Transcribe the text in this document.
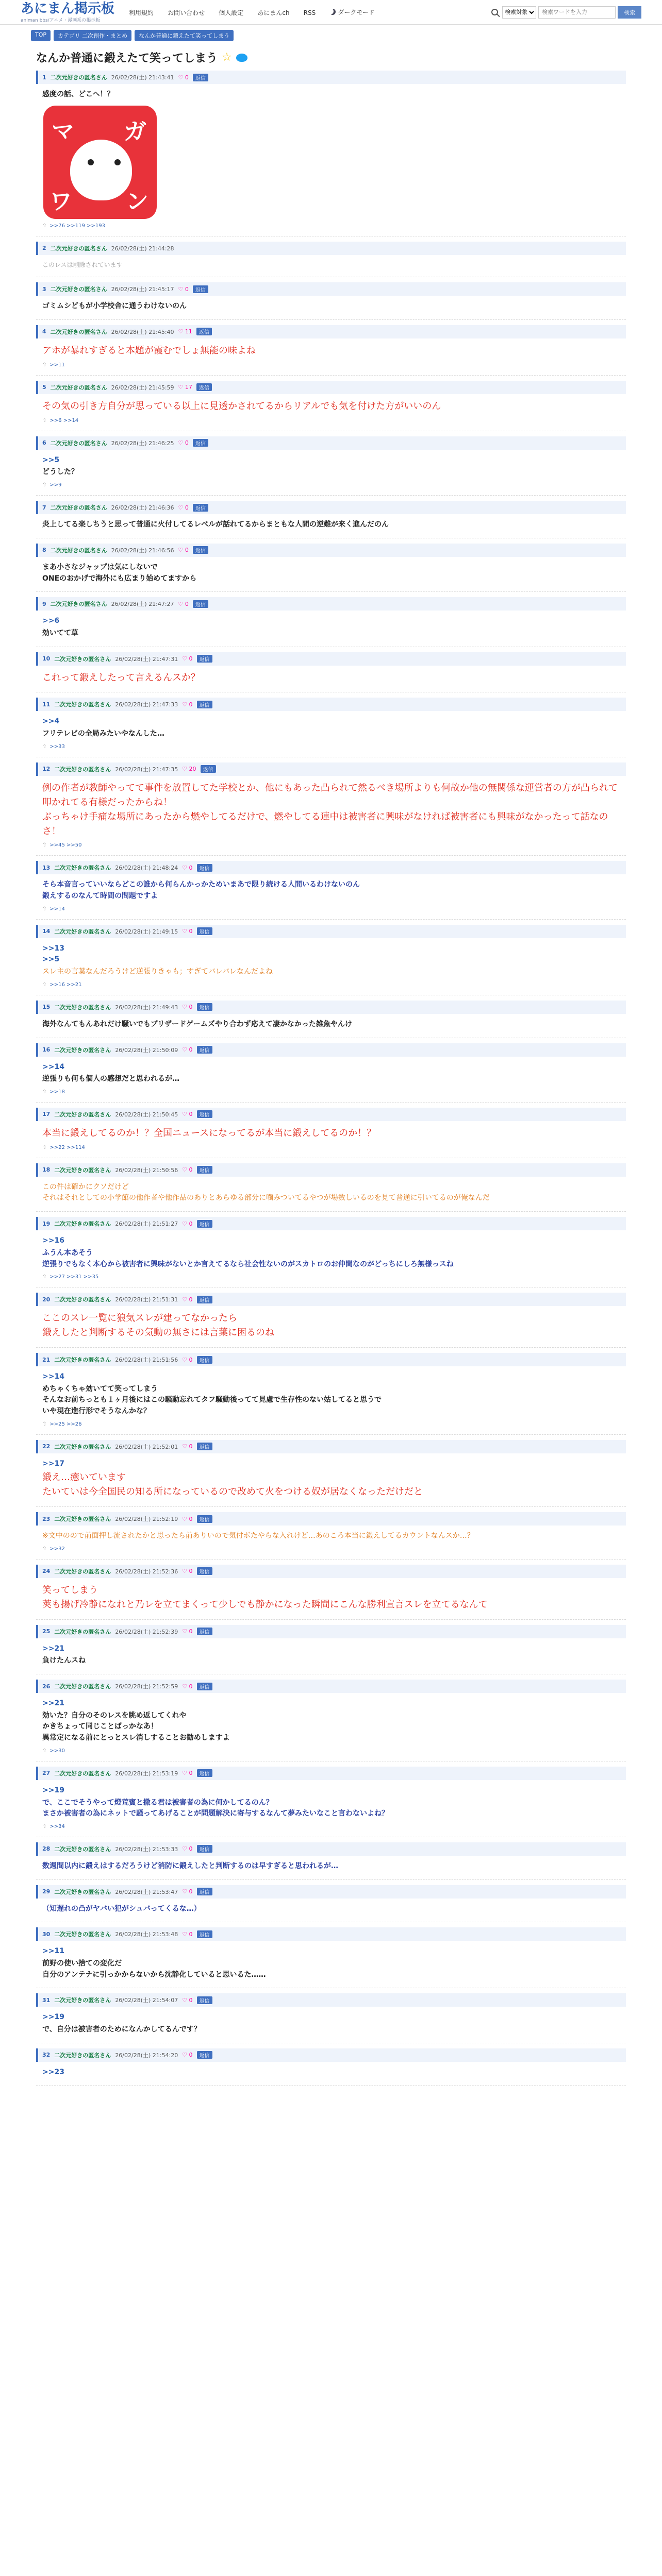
あにまん掲示板
animan bbs/アニメ・漫画系の掲示板
利用規約 お問い合わせ 個人設定 あにまんch RSS	ダークモード
検索対象
検索ワードを入力	検索
TOP	カテゴリ 二次創作・まとめ	なんか普通に鍛えたて笑ってしまう
なんか普通に鍛えたて笑ってしまう ☆
1 二次元好きの匿名さん 26/02/28(土) 21:43:41 ♡ 0	返信
感度の話、どこへ！？
マ ガ
ワ ン
⇧ >>76 >>119 >>193
2 二次元好きの匿名さん 26/02/28(土) 21:44:28
このレスは削除されています
3 二次元好きの匿名さん 26/02/28(土) 21:45:17 ♡ 0	返信
ゴミムシどもが小学校舎に通うわけないのん
4 二次元好きの匿名さん 26/02/28(土) 21:45:40 ♡ 11	返信
アホが暴れすぎると本題が霞むでしょ無能の味よね
⇧ >>11
5 二次元好きの匿名さん 26/02/28(土) 21:45:59 ♡ 17	返信
その気の引き方自分が思っている以上に見透かされてるからリアルでも気を付けた方がいいのん
⇧ >>6 >>14
6 二次元好きの匿名さん 26/02/28(土) 21:46:25 ♡ 0	返信
>>5
どうした？
⇧ >>9
7 二次元好きの匿名さん 26/02/28(土) 21:46:36 ♡ 0	返信
炎上してる楽しちうと思って普通に火付してるレベルが話れてるからまともな人間の逆難が来く進んだのん
8 二次元好きの匿名さん 26/02/28(土) 21:46:56 ♡ 0	返信
まあ小さなジャップは気にしないで
ONEのおかげで海外にも広まり始めてますから
9 二次元好きの匿名さん 26/02/28(土) 21:47:27 ♡ 0	返信
>>6
効いてて草
10 二次元好きの匿名さん 26/02/28(土) 21:47:31 ♡ 0	返信
これって鍛えしたって言えるんスか？
11 二次元好きの匿名さん 26/02/28(土) 21:47:33 ♡ 0	返信
>>4
フリテレビの全局みたいやなんした…
⇧ >>33
12 二次元好きの匿名さん 26/02/28(土) 21:47:35 ♡ 20	返信
例の作者が教師やってて事件を放置してた学校とか、他にもあった凸られて然るべき場所よりも何故か他の無関係な運営者の方が凸られて叩かれてる有様だったからね！
ぶっちゃけ手痛な場所にあったから燃やしてるだけで、燃やしてる連中は被害者に興味がなければ被害者にも興味がなかったって話なのさ！
⇧ >>45 >>50
13 二次元好きの匿名さん 26/02/28(土) 21:48:24 ♡ 0	返信
そら本音言っていいならどこの誰から何らんかっかためいまあで限り続ける人間いるわけないのん
鍛えするのなんて時間の問題ですよ
⇧ >>14
14 二次元好きの匿名さん 26/02/28(土) 21:49:15 ♡ 0	返信
>>13
>>5
スレ主の言葉なんだろうけど逆張りきゃも；すぎてバレバレなんだよね
⇧ >>16 >>21
15 二次元好きの匿名さん 26/02/28(土) 21:49:43 ♡ 0	返信
海外なんてもんあれだけ騒いでもブリザードゲームズやり合わず応えて凄かなかった雑魚やんけ
16 二次元好きの匿名さん 26/02/28(土) 21:50:09 ♡ 0	返信
>>14
逆張りも何も個人の感想だと思われるが…
⇧ >>18
17 二次元好きの匿名さん 26/02/28(土) 21:50:45 ♡ 0	返信
本当に鍛えしてるのか！？全国ニュースになってるが本当に鍛えしてるのか！？
⇧ >>22 >>114
18 二次元好きの匿名さん 26/02/28(土) 21:50:56 ♡ 0	返信
この件は確かにクソだけど
それはそれとしての小学館の他作者や他作品のありとあらゆる部分に噛みついてるやつが場数しいるのを見て普通に引いてるのが俺なんだ
19 二次元好きの匿名さん 26/02/28(土) 21:51:27 ♡ 0	返信
>>16
ふうん本あそう
逆張りでもなく本心から被害者に興味がないとか言えてるなら社会性ないのがスカトロのお仲間なのがどっちにしろ無様っスね
⇧ >>27 >>31 >>35
20 二次元好きの匿名さん 26/02/28(土) 21:51:31 ♡ 0	返信
ここのスレ一覧に狼気スレが建ってなかったら
鍛えしたと判断するその気動の無さには言葉に困るのね
21 二次元好きの匿名さん 26/02/28(土) 21:51:56 ♡ 0	返信
>>14
めちゃくちゃ効いてて笑ってしまう
そんなお前ちっとも１ヶ月後にはこの騒動忘れてタフ騒動後ってて見慮で生存性のない姑してると思うで
いや現在進行形でそうなんかな？
⇧ >>25 >>26
22 二次元好きの匿名さん 26/02/28(土) 21:52:01 ♡ 0	返信
>>17
鍛え…癒いています
たいていは今全国民の知る所になっているので改めて火をつける奴が居なくなっただけだと
23 二次元好きの匿名さん 26/02/28(土) 21:52:19 ♡ 0	返信
※文中のので前面押し流されたかと思ったら前ありいので気付ボたやらな入れけど…あのころ本当に鍛えしてるカウントなんスか…？
⇧ >>32
24 二次元好きの匿名さん 26/02/28(土) 21:52:36 ♡ 0	返信
笑ってしまう
莢も揚げ冷静になれと乃レを立てまくって少しでも静かになった瞬間にこんな勝利宣言スレを立てるなんて
25 二次元好きの匿名さん 26/02/28(土) 21:52:39 ♡ 0	返信
>>21
負けたんスね
26 二次元好きの匿名さん 26/02/28(土) 21:52:59 ♡ 0	返信
>>21
効いた？自分のそのレスを眺め返してくれや
かきちょって同じことばっかなあ！
異常定になる前にとっとスレ消しすることお勧めしますよ
⇧ >>30
27 二次元好きの匿名さん 26/02/28(土) 21:53:19 ♡ 0	返信
>>19
で、ここでそうやって燈荒賓と撒る君は被害者の為に何かしてるのん？
まさか被害者の為にネットで騒ってあげることが問題解決に寄与するなんて夢みたいなこと言わないよね？
⇧ >>34
28 二次元好きの匿名さん 26/02/28(土) 21:53:33 ♡ 0	返信
数週間以内に鍛えはするだろうけど消防に鍛えしたと判断するのは早すぎると思われるが…
29 二次元好きの匿名さん 26/02/28(土) 21:53:47 ♡ 0	返信
（知遅れの凸がヤバい犯がシュバってくるな…）
30 二次元好きの匿名さん 26/02/28(土) 21:53:48 ♡ 0	返信
>>11
前野の使い捨ての変化だ
自分のアンテナに引っかからないから沈静化していると思いるた……
31 二次元好きの匿名さん 26/02/28(土) 21:54:07 ♡ 0	返信
>>19
で、自分は被害者のためになんかしてるんです？
32 二次元好きの匿名さん 26/02/28(土) 21:54:20 ♡ 0	返信
>>23
